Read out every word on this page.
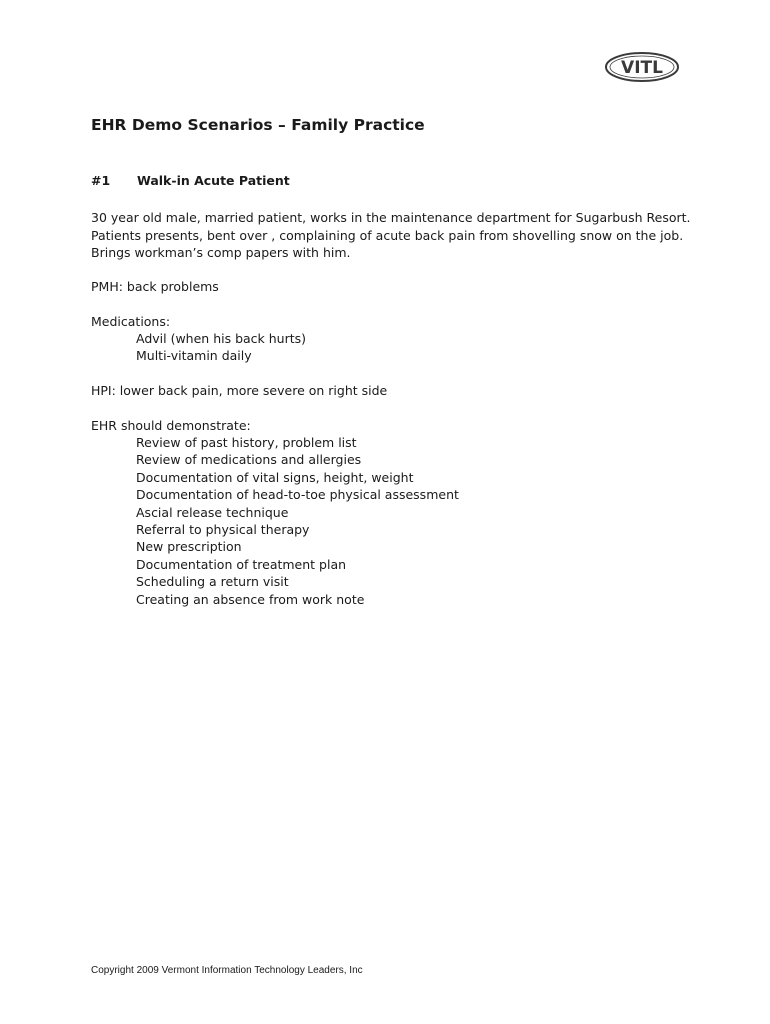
VITL
EHR Demo Scenarios – Family Practice
#1 Walk-in Acute Patient
30 year old male, married patient, works in the maintenance department for Sugarbush Resort. Patients presents, bent over , complaining of acute back pain from shovelling snow on the job. Brings workman’s comp papers with him.
PMH: back problems
Medications:
Advil (when his back hurts)
Multi-vitamin daily
HPI: lower back pain, more severe on right side
EHR should demonstrate:
Review of past history, problem list
Review of medications and allergies
Documentation of vital signs, height, weight
Documentation of head-to-toe physical assessment
Ascial release technique
Referral to physical therapy
New prescription
Documentation of treatment plan
Scheduling a return visit
Creating an absence from work note
Copyright 2009 Vermont Information Technology Leaders, Inc
